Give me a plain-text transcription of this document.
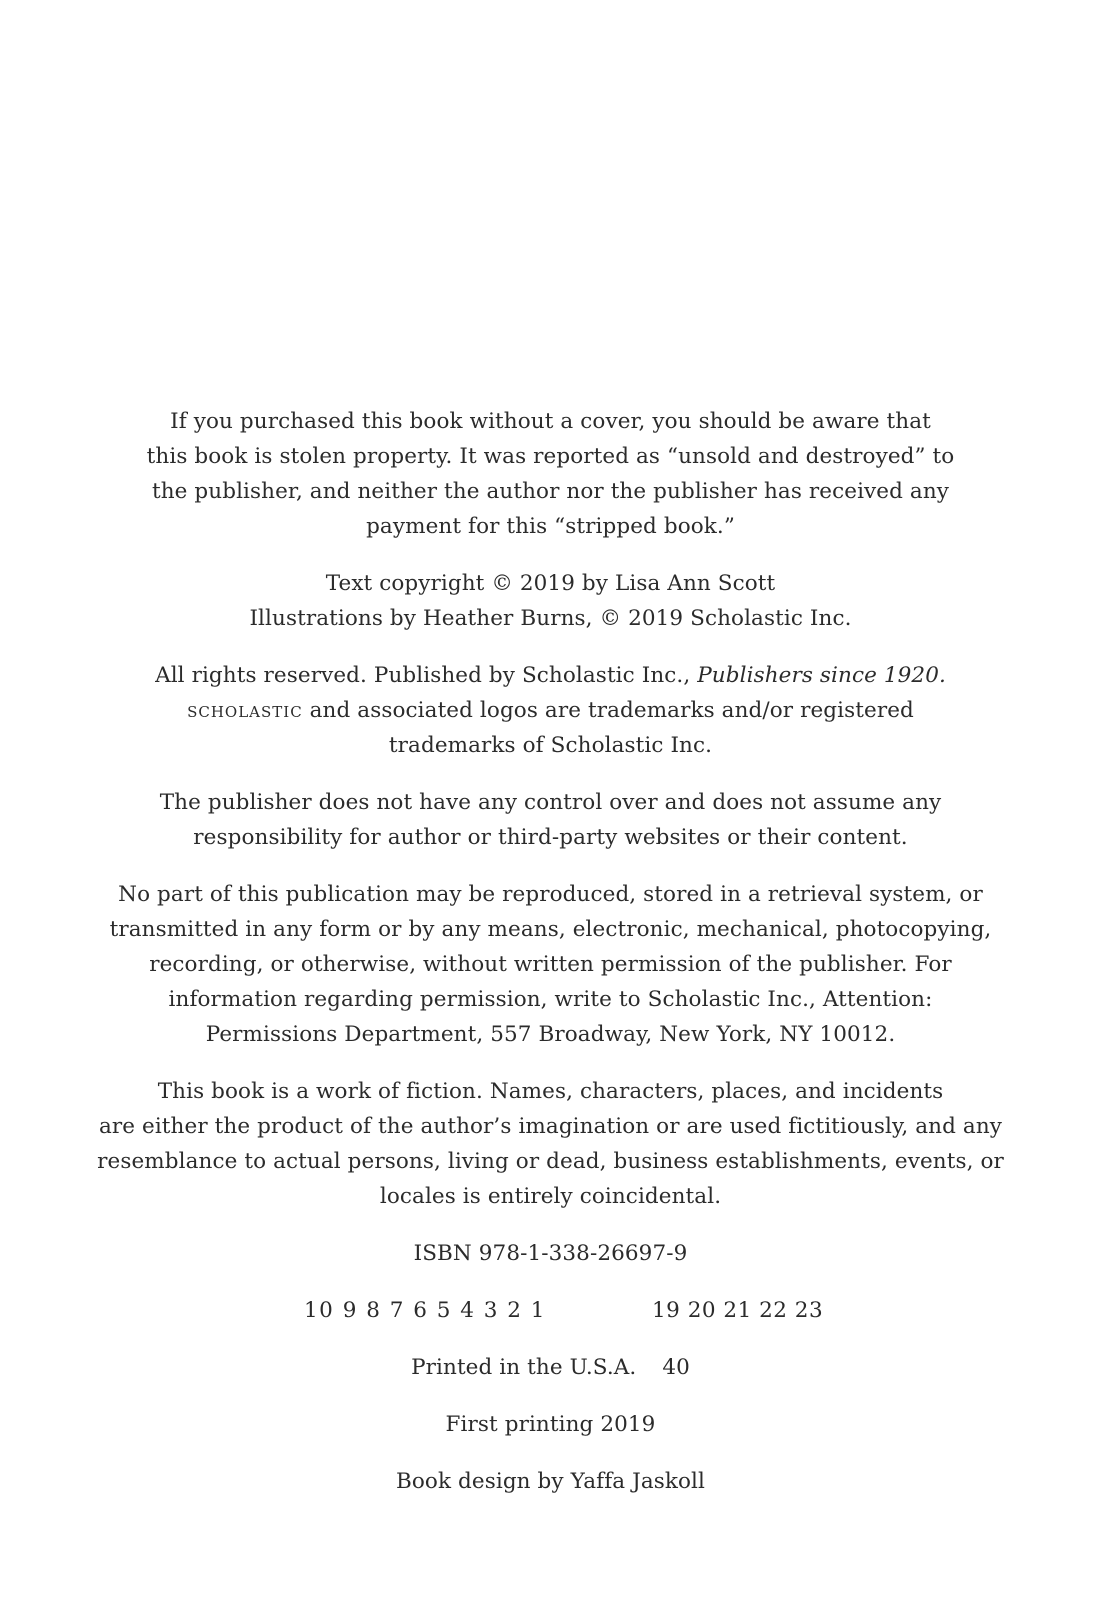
If you purchased this book without a cover, you should be aware that
this book is stolen property. It was reported as “unsold and destroyed” to
the publisher, and neither the author nor the publisher has received any
payment for this “stripped book.”

Text copyright © 2019 by Lisa Ann Scott
Illustrations by Heather Burns, © 2019 Scholastic Inc.

All rights reserved. Published by Scholastic Inc., Publishers since 1920.
scholastic and associated logos are trademarks and/or registered
trademarks of Scholastic Inc.

The publisher does not have any control over and does not assume any
responsibility for author or third-party websites or their content.

No part of this publication may be reproduced, stored in a retrieval system, or
transmitted in any form or by any means, electronic, mechanical, photocopying,
recording, or otherwise, without written permission of the publisher. For
information regarding permission, write to Scholastic Inc., Attention:
Permissions Department, 557 Broadway, New York, NY 10012.

This book is a work of fiction. Names, characters, places, and incidents
are either the product of the author’s imagination or are used fictitiously, and any
resemblance to actual persons, living or dead, business establishments, events, or
locales is entirely coincidental.

ISBN 978-1-338-26697-9

10 9 8 7 6 5 4 3 2 1	19 20 21 22 23

Printed in the U.S.A. 40

First printing 2019

Book design by Yaffa Jaskoll
